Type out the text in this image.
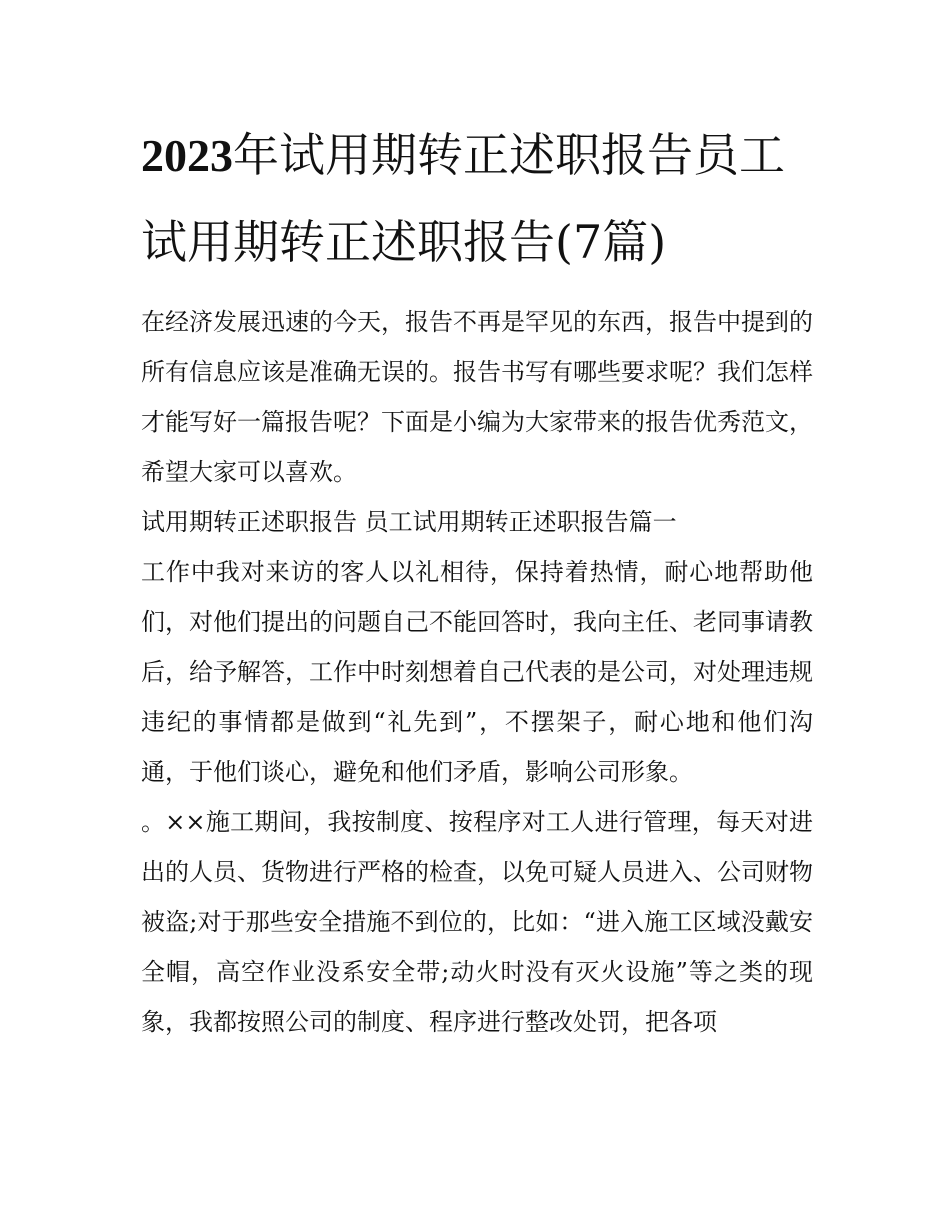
2023年试用期转正述职报告员工试用期转正述职报告(7篇)

在经济发展迅速的今天，报告不再是罕见的东西，报告中提到的所有信息应该是准确无误的。报告书写有哪些要求呢？我们怎样才能写好一篇报告呢？下面是小编为大家带来的报告优秀范文，希望大家可以喜欢。

试用期转正述职报告 员工试用期转正述职报告篇一

工作中我对来访的客人以礼相待，保持着热情，耐心地帮助他们，对他们提出的问题自己不能回答时，我向主任、老同事请教后，给予解答，工作中时刻想着自己代表的是公司，对处理违规违纪的事情都是做到“礼先到”，不摆架子，耐心地和他们沟通，于他们谈心，避免和他们矛盾，影响公司形象。

。××施工期间，我按制度、按程序对工人进行管理，每天对进出的人员、货物进行严格的检查，以免可疑人员进入、公司财物被盗;对于那些安全措施不到位的，比如：“进入施工区域没戴安全帽，高空作业没系安全带;动火时没有灭火设施”等之类的现象，我都按照公司的制度、程序进行整改处罚，把各项
